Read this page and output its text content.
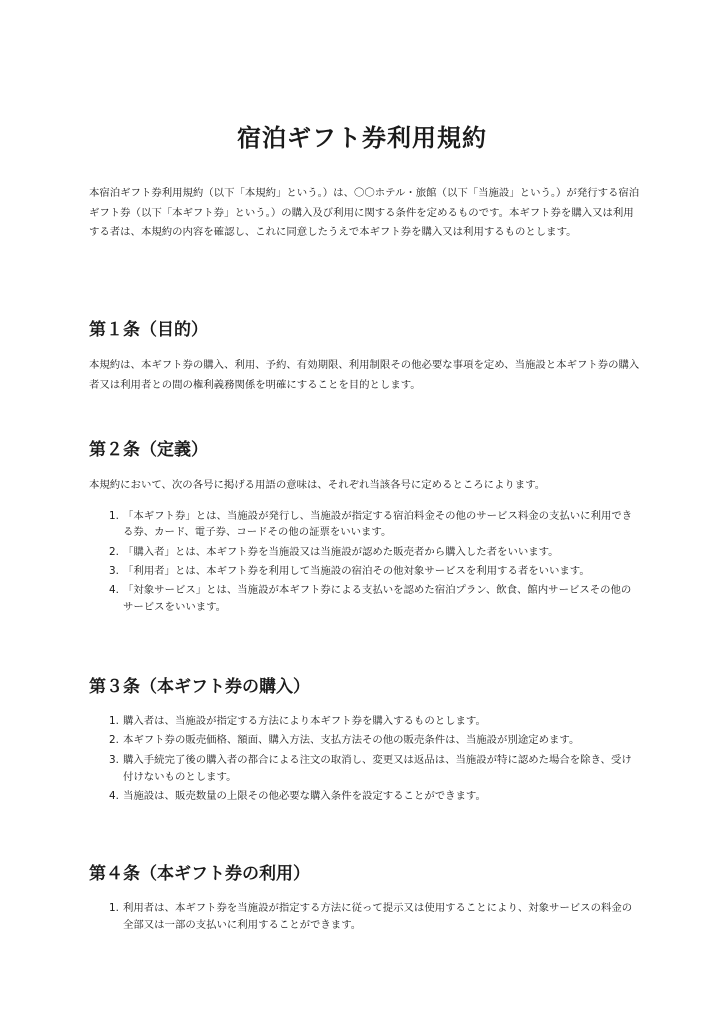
宿泊ギフト券利用規約

本宿泊ギフト券利用規約（以下「本規約」という。）は、〇〇ホテル・旅館（以下「当施設」という。）が発行する宿泊ギフト券（以下「本ギフト券」という。）の購入及び利用に関する条件を定めるものです。本ギフト券を購入又は利用する者は、本規約の内容を確認し、これに同意したうえで本ギフト券を購入又は利用するものとします。

第１条（目的）

本規約は、本ギフト券の購入、利用、予約、有効期限、利用制限その他必要な事項を定め、当施設と本ギフト券の購入者又は利用者との間の権利義務関係を明確にすることを目的とします。

第２条（定義）

本規約において、次の各号に掲げる用語の意味は、それぞれ当該各号に定めるところによります。

1. 「本ギフト券」とは、当施設が発行し、当施設が指定する宿泊料金その他のサービス料金の支払いに利用できる券、カード、電子券、コードその他の証票をいいます。
2. 「購入者」とは、本ギフト券を当施設又は当施設が認めた販売者から購入した者をいいます。
3. 「利用者」とは、本ギフト券を利用して当施設の宿泊その他対象サービスを利用する者をいいます。
4. 「対象サービス」とは、当施設が本ギフト券による支払いを認めた宿泊プラン、飲食、館内サービスその他のサービスをいいます。
第３条（本ギフト券の購入）
1. 購入者は、当施設が指定する方法により本ギフト券を購入するものとします。
2. 本ギフト券の販売価格、額面、購入方法、支払方法その他の販売条件は、当施設が別途定めます。
3. 購入手続完了後の購入者の都合による注文の取消し、変更又は返品は、当施設が特に認めた場合を除き、受け付けないものとします。
4. 当施設は、販売数量の上限その他必要な購入条件を設定することができます。
第４条（本ギフト券の利用）
1. 利用者は、本ギフト券を当施設が指定する方法に従って提示又は使用することにより、対象サービスの料金の全部又は一部の支払いに利用することができます。
